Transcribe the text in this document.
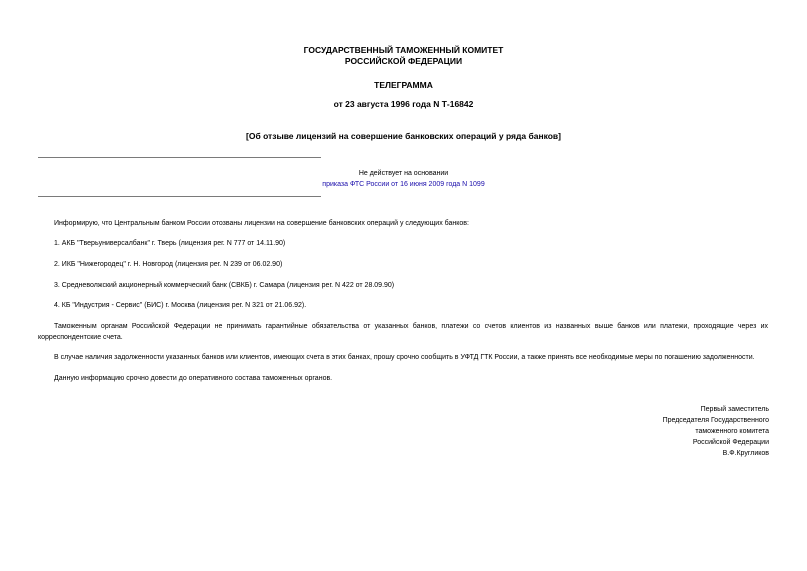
ГОСУДАРСТВЕННЫЙ ТАМОЖЕННЫЙ КОМИТЕТ
РОССИЙСКОЙ ФЕДЕРАЦИИ
ТЕЛЕГРАММА
от 23 августа 1996 года N Т-16842
[Об отзыве лицензий на совершение банковских операций у ряда банков]
Не действует на основании
приказа ФТС России от 16 июня 2009 года N 1099

Информирую, что Центральным банком России отозваны лицензии на совершение банковских операций у следующих банков:

1. АКБ "Тверьуниверсалбанк" г. Тверь (лицензия рег. N 777 от 14.11.90)

2. ИКБ "Нижегородец" г. Н. Новгород (лицензия рег. N 239 от 06.02.90)

3. Средневолжский акционерный коммерческий банк (СВКБ) г. Самара (лицензия рег. N 422 от 28.09.90)

4. КБ "Индустрия - Сервис" (БИС) г. Москва (лицензия рег. N 321 от 21.06.92).

Таможенным органам Российской Федерации не принимать гарантийные обязательства от указанных банков, платежи со счетов клиентов из названных выше банков или платежи, проходящие через их корреспондентские счета.

В случае наличия задолженности указанных банков или клиентов, имеющих счета в этих банках, прошу срочно сообщить в УФТД ГТК России, а также принять все необходимые меры по погашению задолженности.

Данную информацию срочно довести до оперативного состава таможенных органов.

Первый заместитель
Председателя Государственного
таможенного комитета
Российской Федерации
В.Ф.Кругликов
